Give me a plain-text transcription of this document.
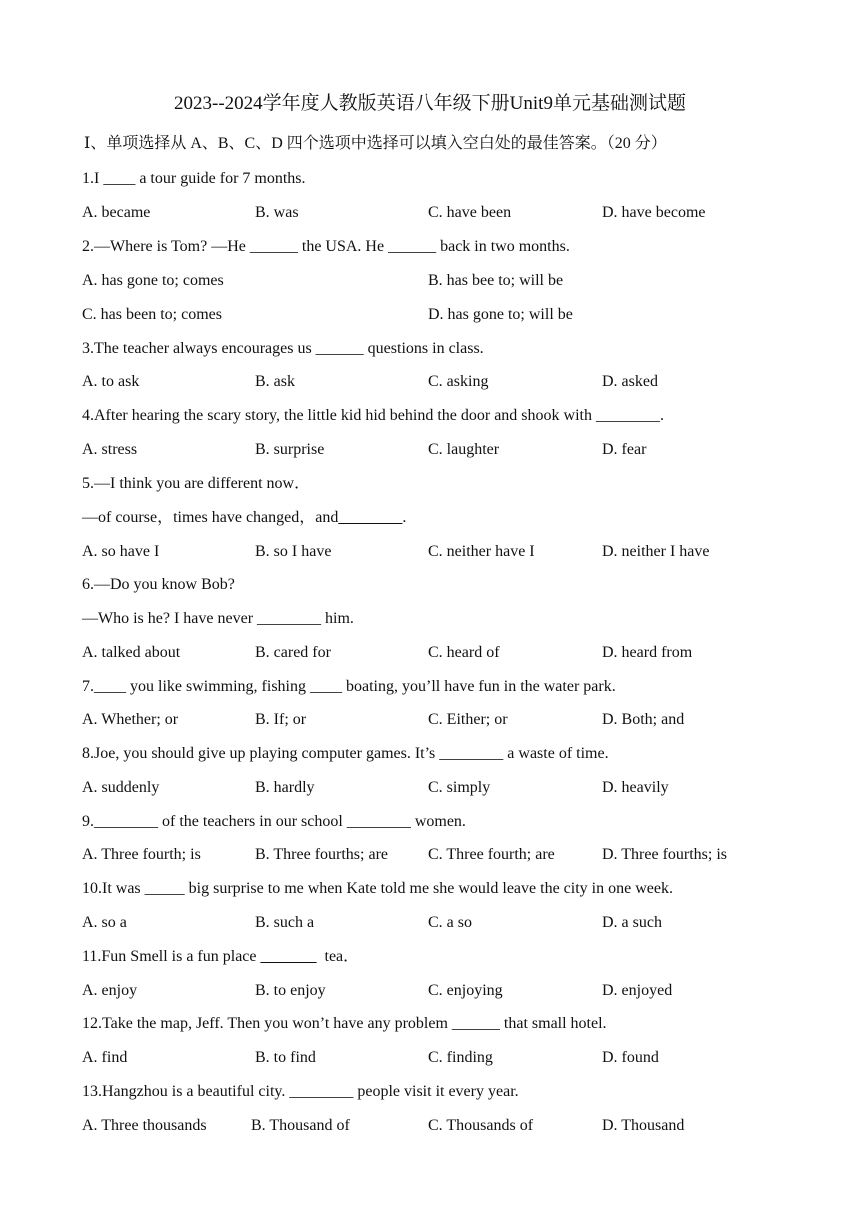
2023--2024学年度人教版英语八年级下册Unit9单元基础测试题
Ⅰ、单项选择从 A、B、C、D 四个选项中选择可以填入空白处的最佳答案。（20 分）
1.I ____ a tour guide for 7 months.
A. became	B. was	C. have been	D. have become
2.—Where is Tom? —He ______ the USA. He ______ back in two months.
A. has gone to; comes	B. has bee to; will be
C. has been to; comes	D. has gone to; will be
3.The teacher always encourages us ______ questions in class.
A. to ask	B. ask	C. asking	D. asked
4.After hearing the scary story, the little kid hid behind the door and shook with ________.
A. stress	B. surprise	C. laughter	D. fear
5.—I think you are different now．
—of course，times have changed，and________.
A. so have I	B. so I have	C. neither have I	D. neither I have
6.—Do you know Bob?
—Who is he? I have never ________ him.
A. talked about	B. cared for	C. heard of	D. heard from
7.____ you like swimming, fishing ____ boating, you’ll have fun in the water park.
A. Whether; or	B. If; or	C. Either; or	D. Both; and
8.Joe, you should give up playing computer games. It’s ________ a waste of time.
A. suddenly	B. hardly	C. simply	D. heavily
9.________ of the teachers in our school ________ women.
A. Three fourth; is	B. Three fourths; are	C. Three fourth; are	D. Three fourths; is
10.It was _____ big surprise to me when Kate told me she would leave the city in one week.
A. so a	B. such a	C. a so	D. a such
11.Fun Smell is a fun place _______  tea．
A. enjoy	B. to enjoy	C. enjoying	D. enjoyed
12.Take the map, Jeff. Then you won’t have any problem ______ that small hotel.
A. find	B. to find	C. finding	D. found
13.Hangzhou is a beautiful city. ________ people visit it every year.
A. Three thousands	B. Thousand of	C. Thousands of	D. Thousand
